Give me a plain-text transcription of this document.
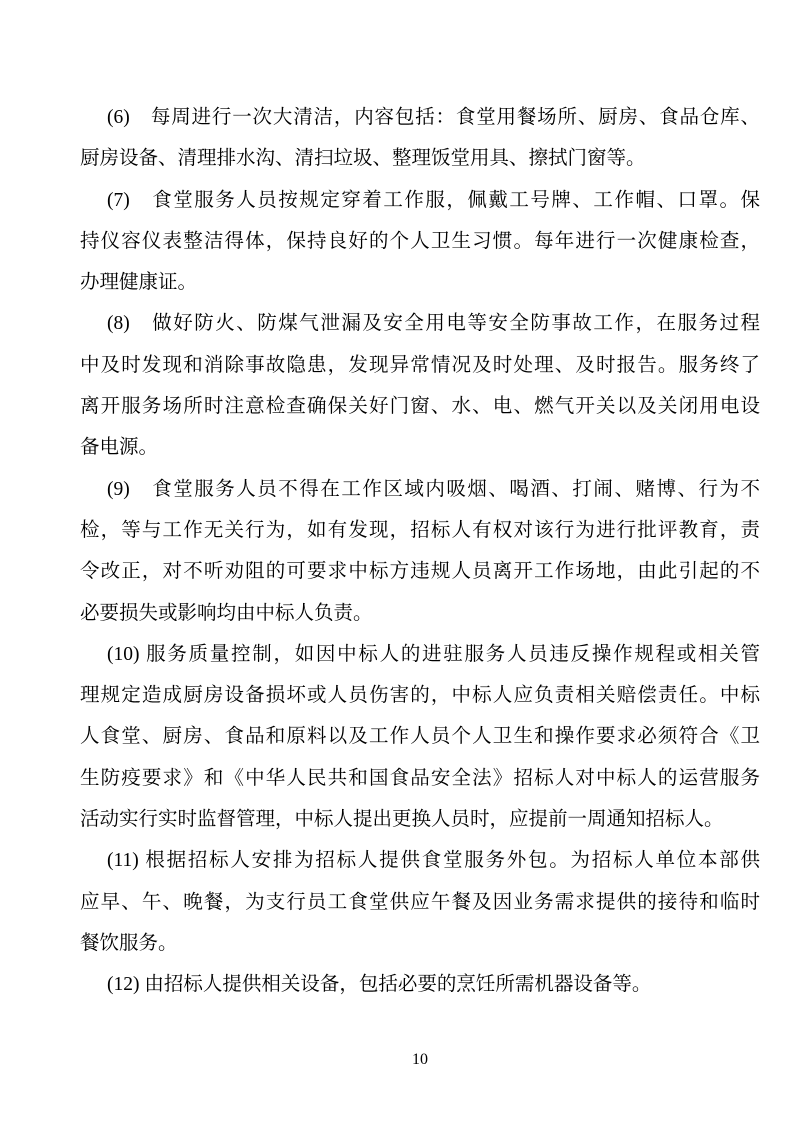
(6)　每周进行一次大清洁，内容包括：食堂用餐场所、厨房、食品仓库、
厨房设备、清理排水沟、清扫垃圾、整理饭堂用具、擦拭门窗等。
(7)　食堂服务人员按规定穿着工作服，佩戴工号牌、工作帽、口罩。保
持仪容仪表整洁得体，保持良好的个人卫生习惯。每年进行一次健康检查，
办理健康证。
(8)　做好防火、防煤气泄漏及安全用电等安全防事故工作，在服务过程
中及时发现和消除事故隐患，发现异常情况及时处理、及时报告。服务终了
离开服务场所时注意检查确保关好门窗、水、电、燃气开关以及关闭用电设
备电源。
(9)　食堂服务人员不得在工作区域内吸烟、喝酒、打闹、赌博、行为不
检，等与工作无关行为，如有发现，招标人有权对该行为进行批评教育，责
令改正，对不听劝阻的可要求中标方违规人员离开工作场地，由此引起的不
必要损失或影响均由中标人负责。
(10) 服务质量控制，如因中标人的进驻服务人员违反操作规程或相关管
理规定造成厨房设备损坏或人员伤害的，中标人应负责相关赔偿责任。中标
人食堂、厨房、食品和原料以及工作人员个人卫生和操作要求必须符合《卫
生防疫要求》和《中华人民共和国食品安全法》招标人对中标人的运营服务
活动实行实时监督管理，中标人提出更换人员时，应提前一周通知招标人。
(11) 根据招标人安排为招标人提供食堂服务外包。为招标人单位本部供
应早、午、晚餐，为支行员工食堂供应午餐及因业务需求提供的接待和临时
餐饮服务。
(12) 由招标人提供相关设备，包括必要的烹饪所需机器设备等。
10
